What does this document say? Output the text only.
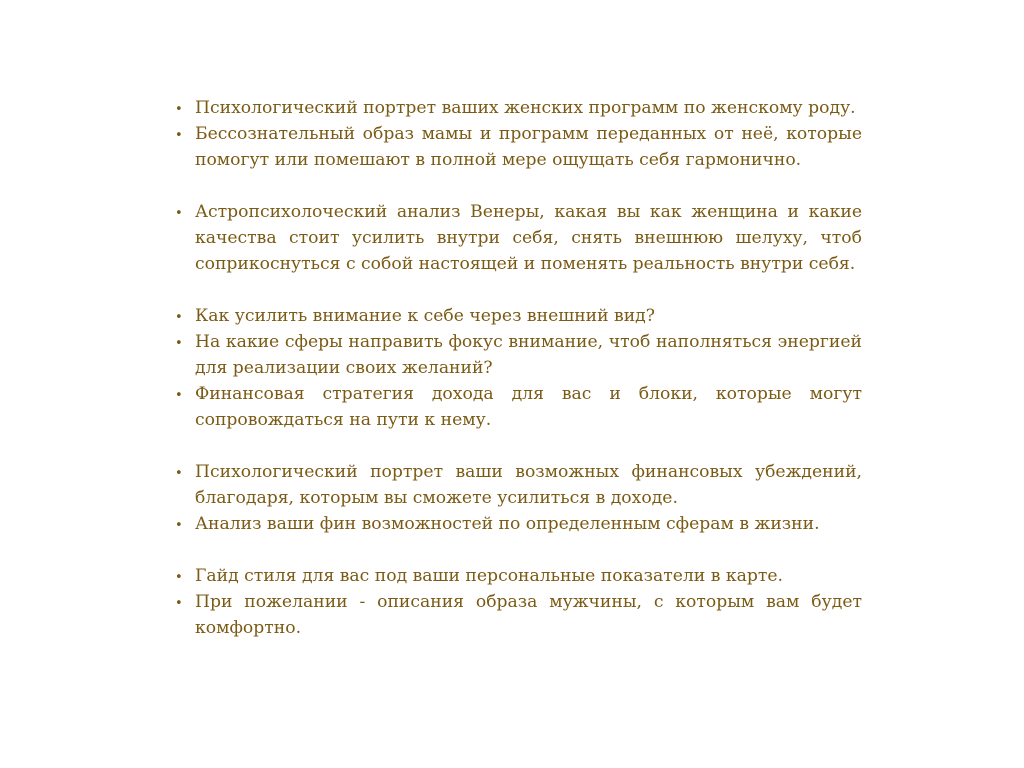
•
Психологический портрет ваших женских программ по женскому роду.
•
Бессознательный образ мамы и программ переданных от неё, которые помогут или помешают в полной мере ощущать себя гармонично.
•
Астропсихолоческий анализ Венеры, какая вы как женщина и какие качества стоит усилить внутри себя, снять внешнюю шелуху, чтоб соприкоснуться с собой настоящей и поменять реальность внутри себя.
•
Как усилить внимание к себе через внешний вид?
•
На какие сферы направить фокус внимание, чтоб наполняться энергией для реализации своих желаний?
•
Финансовая стратегия дохода для вас и блоки, которые могут сопровождаться на пути к нему.
•
Психологический портрет ваши возможных финансовых убеждений, благодаря, которым вы сможете усилиться в доходе.
•
Анализ ваши фин возможностей по определенным сферам в жизни.
•
Гайд стиля для вас под ваши персональные показатели в карте.
•
При пожелании - описания образа мужчины, с которым вам будет комфортно.
